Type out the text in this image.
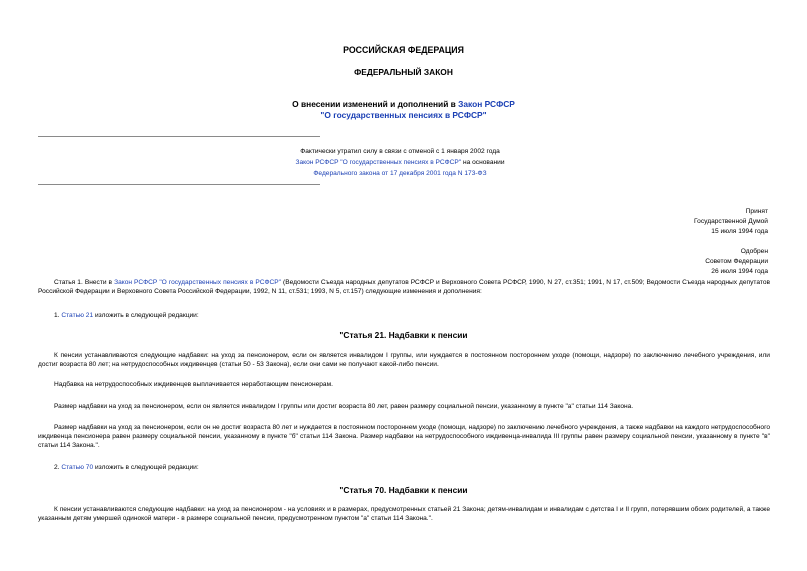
РОССИЙСКАЯ ФЕДЕРАЦИЯ
ФЕДЕРАЛЬНЫЙ ЗАКОН
О внесении изменений и дополнений в Закон РСФСР
"О государственных пенсиях в РСФСР"
Фактически утратил силу в связи с отменой с 1 января 2002 года
Закон РСФСР "О государственных пенсиях в РСФСР" на основании
Федерального закона от 17 декабря 2001 года N 173-ФЗ
Принят
Государственной Думой
15 июля 1994 года
Одобрен
Советом Федерации
26 июля 1994 года

Статья 1. Внести в Закон РСФСР "О государственных пенсиях в РСФСР" (Ведомости Съезда народных депутатов РСФСР и Верховного Совета РСФСР, 1990, N 27, ст.351; 1991, N 17, ст.509; Ведомости Съезда народных депутатов Российской Федерации и Верховного Совета Российской Федерации, 1992, N 11, ст.531; 1993, N 5, ст.157) следующие изменения и дополнения:

1. Статью 21 изложить в следующей редакции:

"Статья 21. Надбавки к пенсии

К пенсии устанавливаются следующие надбавки: на уход за пенсионером, если он является инвалидом I группы, или нуждается в постоянном постороннем уходе (помощи, надзоре) по заключению лечебного учреждения, или достиг возраста 80 лет; на нетрудоспособных иждивенцев (статьи 50 - 53 Закона), если они сами не получают какой-либо пенсии.

Надбавка на нетрудоспособных иждивенцев выплачивается неработающим пенсионерам.

Размер надбавки на уход за пенсионером, если он является инвалидом I группы или достиг возраста 80 лет, равен размеру социальной пенсии, указанному в пункте "а" статьи 114 Закона.

Размер надбавки на уход за пенсионером, если он не достиг возраста 80 лет и нуждается в постоянном постороннем уходе (помощи, надзоре) по заключению лечебного учреждения, а также надбавки на каждого нетрудоспособного иждивенца пенсионера равен размеру социальной пенсии, указанному в пункте "б" статьи 114 Закона. Размер надбавки на нетрудоспособного иждивенца-инвалида III группы равен размеру социальной пенсии, указанному в пункте "в" статьи 114 Закона.".

2. Статью 70 изложить в следующей редакции:

"Статья 70. Надбавки к пенсии

К пенсии устанавливаются следующие надбавки: на уход за пенсионером - на условиях и в размерах, предусмотренных статьей 21 Закона; детям-инвалидам и инвалидам с детства I и II групп, потерявшим обоих родителей, а также указанным детям умершей одинокой матери - в размере социальной пенсии, предусмотренном пунктом "а" статьи 114 Закона.".
